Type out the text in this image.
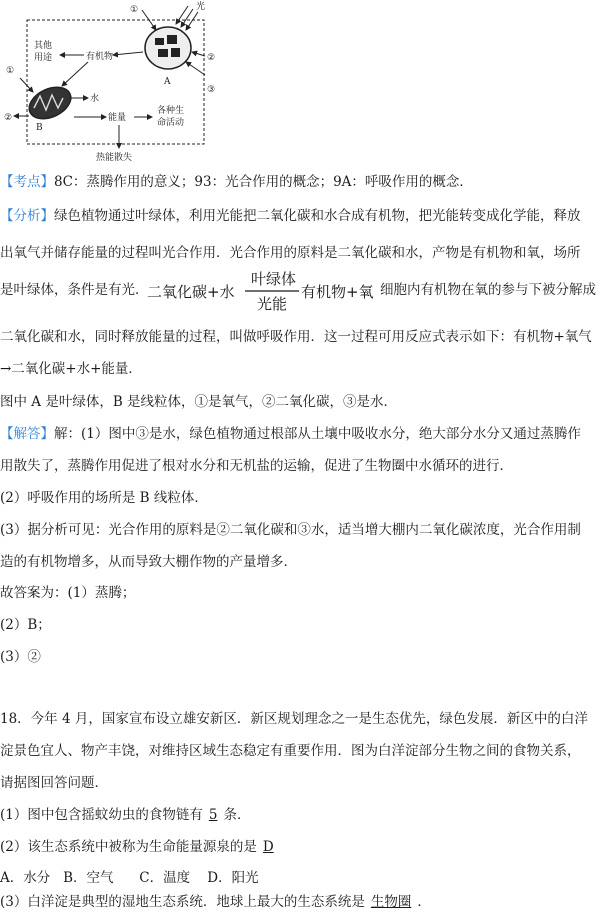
①	光
②
③
A
有机物
其他
用途
①
水
②
B
能量
各种生
命活动
热能散失
【考点】8C：蒸腾作用的意义；93：光合作用的概念；9A：呼吸作用的概念．
【分析】绿色植物通过叶绿体，利用光能把二氧化碳和水合成有机物，把光能转变成化学能，释放
出氧气并储存能量的过程叫光合作用．光合作用的原料是二氧化碳和水，产物是有机物和氧，场所
是叶绿体，条件是有光．
二氧化碳+水
叶绿体
光能
有机物+氧 细胞内有机物在氧的参与下被分解成
二氧化碳和水，同时释放能量的过程，叫做呼吸作用．这一过程可用反应式表示如下：有机物+氧气
→二氧化碳+水+能量．
图中 A 是叶绿体，B 是线粒体，①是氧气，②二氧化碳，③是水．
【解答】解：(1）图中③是水，绿色植物通过根部从土壤中吸收水分，绝大部分水分又通过蒸腾作
用散失了，蒸腾作用促进了根对水分和无机盐的运输，促进了生物圈中水循环的进行．
(2）呼吸作用的场所是 B 线粒体．
(3）据分析可见：光合作用的原料是②二氧化碳和③水，适当增大棚内二氧化碳浓度，光合作用制
造的有机物增多，从而导致大棚作物的产量增多．
故答案为：(1）蒸腾；
(2）B；
(3）②
18．今年 4 月，国家宣布设立雄安新区．新区规划理念之一是生态优先，绿色发展．新区中的白洋
淀景色宜人、物产丰饶，对维持区域生态稳定有重要作用．图为白洋淀部分生物之间的食物关系，
请据图回答问题．
(1）图中包含摇蚊幼虫的食物链有 5 条．
(2）该生态系统中被称为生命能量源泉的是 D
A．水分   B．空气      C．温度    D．阳光
(3）白洋淀是典型的湿地生态系统．地球上最大的生态系统是 生物圈 ．
